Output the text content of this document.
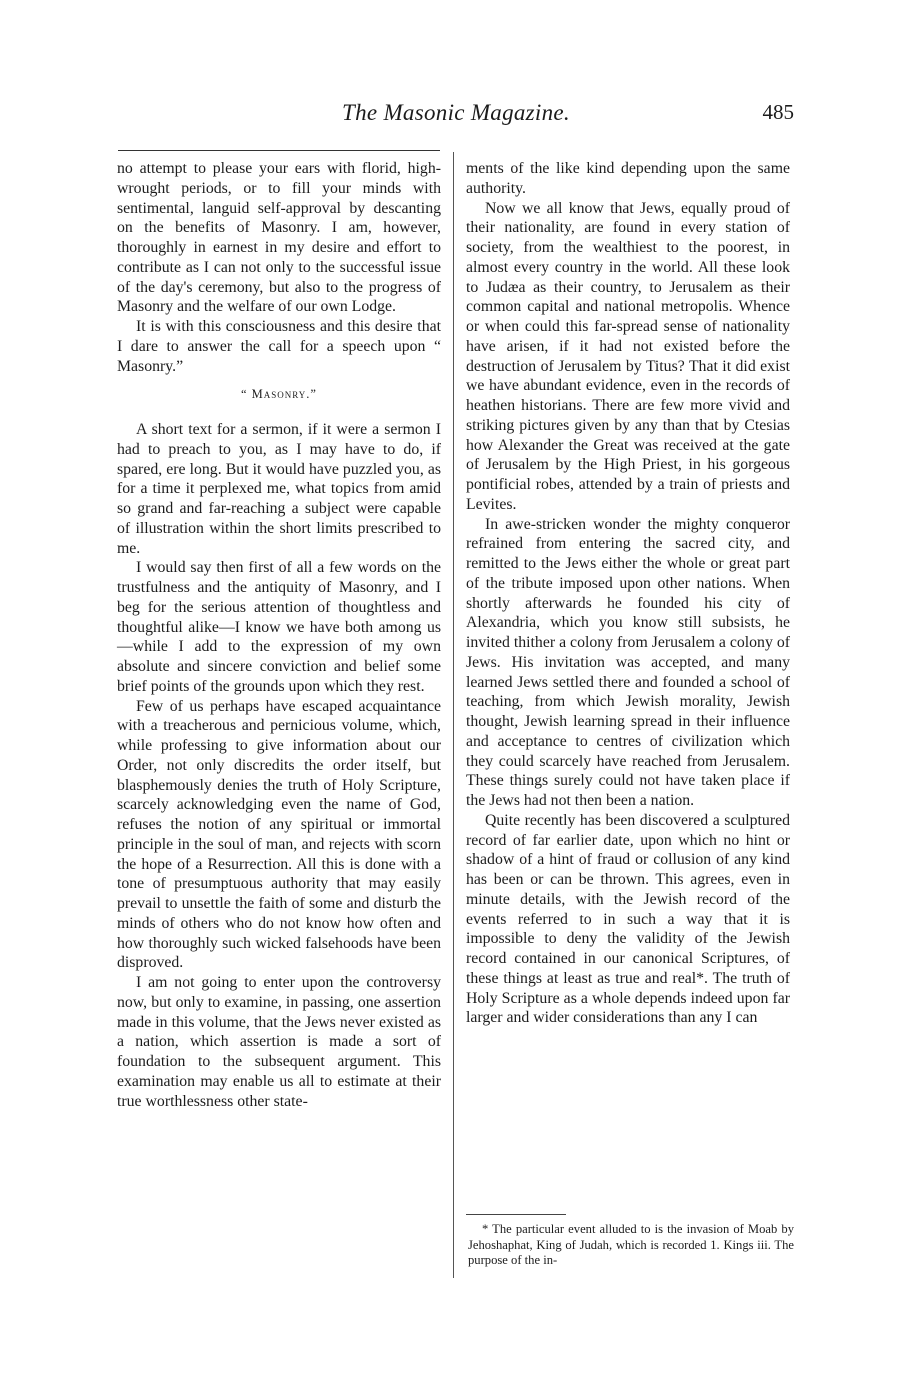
The Masonic Magazine.	485

no attempt to please your ears with florid, high-wrought periods, or to fill your minds with sentimental, languid self-approval by descanting on the benefits of Masonry. I am, however, thoroughly in earnest in my desire and effort to contribute as I can not only to the successful issue of the day's ceremony, but also to the progress of Masonry and the welfare of our own Lodge.

It is with this consciousness and this desire that I dare to answer the call for a speech upon “ Masonry.”

“ Masonry.”

A short text for a sermon, if it were a sermon I had to preach to you, as I may have to do, if spared, ere long. But it would have puzzled you, as for a time it perplexed me, what topics from amid so grand and far-reaching a subject were capable of illustration within the short limits prescribed to me.

I would say then first of all a few words on the trustfulness and the antiquity of Masonry, and I beg for the serious attention of thoughtless and thoughtful alike—I know we have both among us—while I add to the expression of my own absolute and sincere conviction and belief some brief points of the grounds upon which they rest.

Few of us perhaps have escaped acquaintance with a treacherous and pernicious volume, which, while professing to give information about our Order, not only discredits the order itself, but blasphemously denies the truth of Holy Scripture, scarcely acknowledging even the name of God, refuses the notion of any spiritual or immortal principle in the soul of man, and rejects with scorn the hope of a Resurrection. All this is done with a tone of presumptuous authority that may easily prevail to unsettle the faith of some and disturb the minds of others who do not know how often and how thoroughly such wicked falsehoods have been disproved.

I am not going to enter upon the controversy now, but only to examine, in passing, one assertion made in this volume, that the Jews never existed as a nation, which assertion is made a sort of foundation to the subsequent argument. This examination may enable us all to estimate at their true worthlessness other state-

ments of the like kind depending upon the same authority.

Now we all know that Jews, equally proud of their nationality, are found in every station of society, from the wealthiest to the poorest, in almost every country in the world. All these look to Judæa as their country, to Jerusalem as their common capital and national metropolis. Whence or when could this far-spread sense of nationality have arisen, if it had not existed before the destruction of Jerusalem by Titus? That it did exist we have abundant evidence, even in the records of heathen historians. There are few more vivid and striking pictures given by any than that by Ctesias how Alexander the Great was received at the gate of Jerusalem by the High Priest, in his gorgeous pontificial robes, attended by a train of priests and Levites.

In awe-stricken wonder the mighty conqueror refrained from entering the sacred city, and remitted to the Jews either the whole or great part of the tribute imposed upon other nations. When shortly afterwards he founded his city of Alexandria, which you know still subsists, he invited thither a colony from Jerusalem a colony of Jews. His invitation was accepted, and many learned Jews settled there and founded a school of teaching, from which Jewish morality, Jewish thought, Jewish learning spread in their influence and acceptance to centres of civilization which they could scarcely have reached from Jerusalem. These things surely could not have taken place if the Jews had not then been a nation.

Quite recently has been discovered a sculptured record of far earlier date, upon which no hint or shadow of a hint of fraud or collusion of any kind has been or can be thrown. This agrees, even in minute details, with the Jewish record of the events referred to in such a way that it is impossible to deny the validity of the Jewish record contained in our canonical Scriptures, of these things at least as true and real*. The truth of Holy Scripture as a whole depends indeed upon far larger and wider considerations than any I can

* The particular event alluded to is the invasion of Moab by Jehoshaphat, King of Judah, which is recorded 1. Kings iii. The purpose of the in-
